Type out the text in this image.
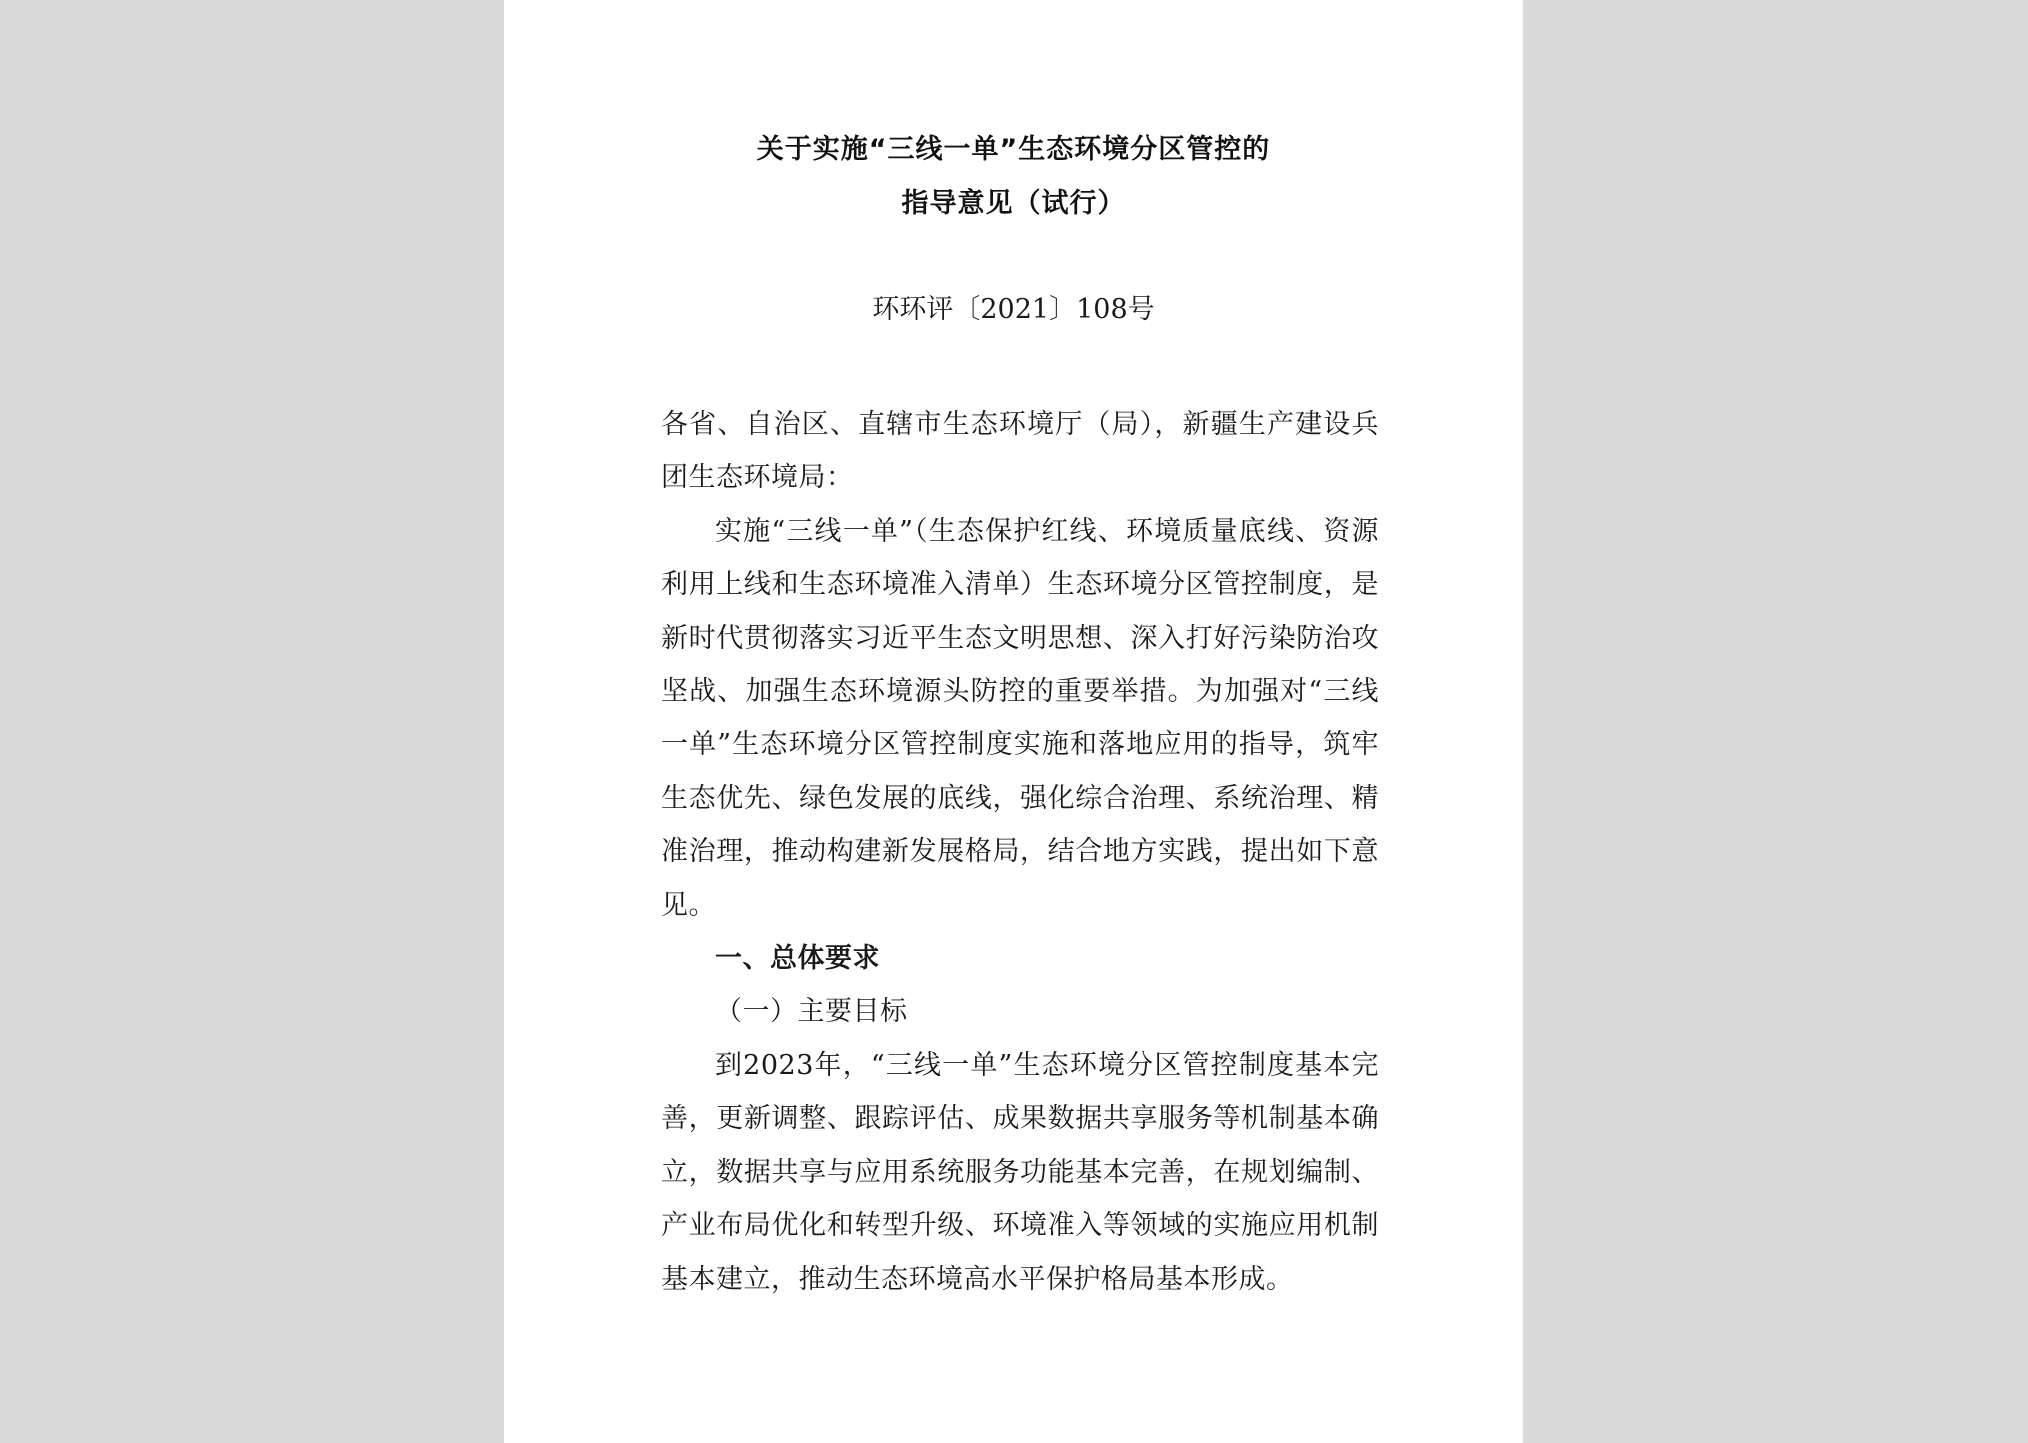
关于实施“三线一单”生态环境分区管控的
指导意见（试行）
环环评〔2021〕108号

各省、自治区、直辖市生态环境厅（局），新疆生产建设兵团生态环境局：

实施“三线一单”（生态保护红线、环境质量底线、资源利用上线和生态环境准入清单）生态环境分区管控制度，是新时代贯彻落实习近平生态文明思想、深入打好污染防治攻坚战、加强生态环境源头防控的重要举措。为加强对“三线一单”生态环境分区管控制度实施和落地应用的指导，筑牢生态优先、绿色发展的底线，强化综合治理、系统治理、精准治理，推动构建新发展格局，结合地方实践，提出如下意见。

一、总体要求

（一）主要目标

到2023年，“三线一单”生态环境分区管控制度基本完善，更新调整、跟踪评估、成果数据共享服务等机制基本确立，数据共享与应用系统服务功能基本完善，在规划编制、产业布局优化和转型升级、环境准入等领域的实施应用机制基本建立，推动生态环境高水平保护格局基本形成。
